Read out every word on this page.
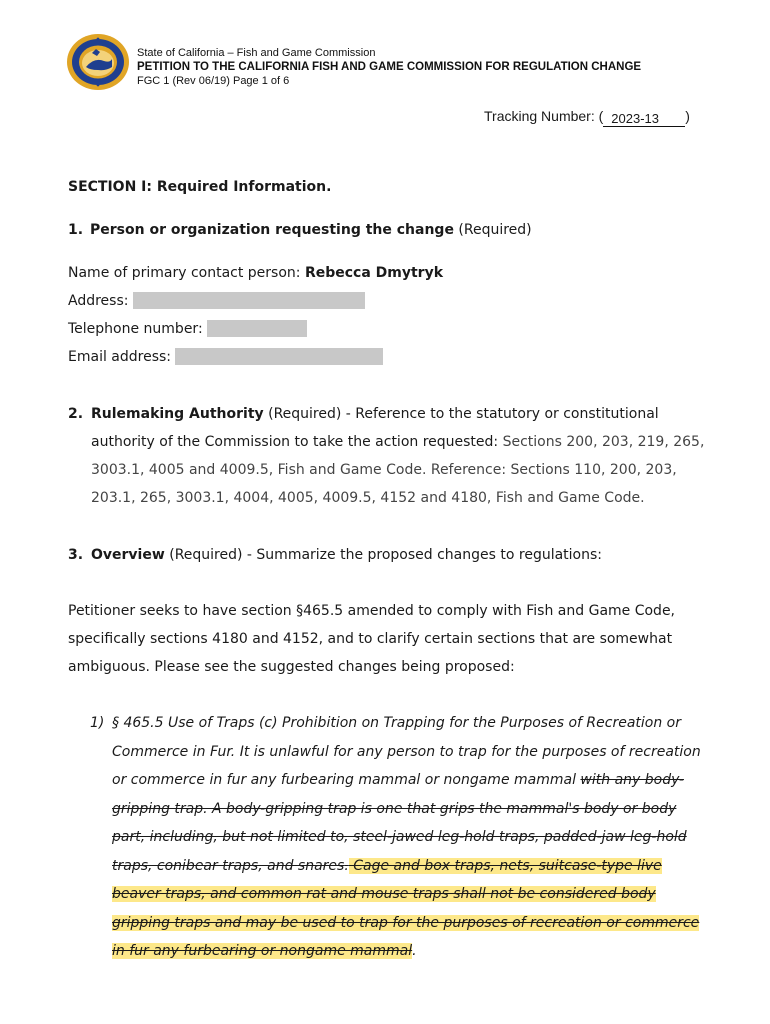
State of California – Fish and Game Commission
PETITION TO THE CALIFORNIA FISH AND GAME COMMISSION FOR REGULATION CHANGE
FGC 1 (Rev 06/19) Page 1 of 6
Tracking Number: ( 2023-13 )
SECTION I: Required Information.
1. Person or organization requesting the change (Required)
Name of primary contact person: Rebecca Dmytryk
Address:
Telephone number:
Email address:
2. Rulemaking Authority (Required) - Reference to the statutory or constitutional authority of the Commission to take the action requested: Sections 200, 203, 219, 265, 3003.1, 4005 and 4009.5, Fish and Game Code. Reference: Sections 110, 200, 203, 203.1, 265, 3003.1, 4004, 4005, 4009.5, 4152 and 4180, Fish and Game Code.
3. Overview (Required) - Summarize the proposed changes to regulations:
Petitioner seeks to have section §465.5 amended to comply with Fish and Game Code, specifically sections 4180 and 4152, and to clarify certain sections that are somewhat ambiguous. Please see the suggested changes being proposed:
1) § 465.5 Use of Traps (c) Prohibition on Trapping for the Purposes of Recreation or Commerce in Fur. It is unlawful for any person to trap for the purposes of recreation or commerce in fur any furbearing mammal or nongame mammal with any body-gripping trap. A body-gripping trap is one that grips the mammal's body or body part, including, but not limited to, steel-jawed leg-hold traps, padded-jaw leg-hold traps, conibear traps, and snares. Cage and box traps, nets, suitcase-type live beaver traps, and common rat and mouse traps shall not be considered body gripping traps and may be used to trap for the purposes of recreation or commerce in fur any furbearing or nongame mammal.
